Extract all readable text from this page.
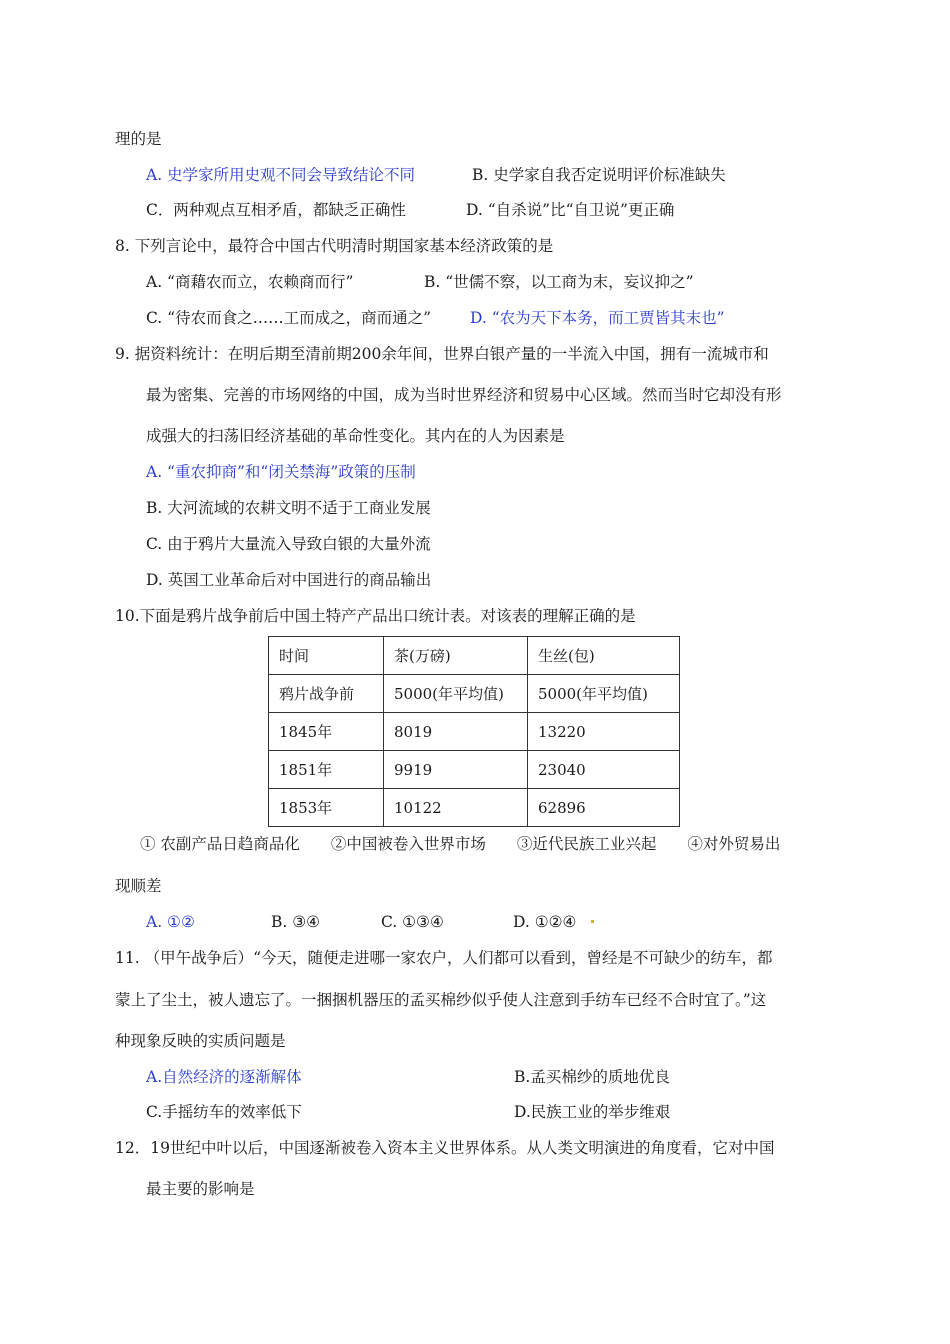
理的是
A. 史学家所用史观不同会导致结论不同	B. 史学家自我否定说明评价标准缺失
C．两种观点互相矛盾，都缺乏正确性	D. “自杀说”比“自卫说”更正确
8. 下列言论中，最符合中国古代明清时期国家基本经济政策的是
A. “商藉农而立，农赖商而行”	B. “世儒不察，以工商为末，妄议抑之”
C. “待农而食之……工而成之，商而通之”	D. “农为天下本务，而工贾皆其末也”
9. 据资料统计：在明后期至清前期200余年间，世界白银产量的一半流入中国，拥有一流城市和
最为密集、完善的市场网络的中国，成为当时世界经济和贸易中心区域。然而当时它却没有形
成强大的扫荡旧经济基础的革命性变化。其内在的人为因素是
A. “重农抑商”和“闭关禁海”政策的压制
B. 大河流域的农耕文明不适于工商业发展
C. 由于鸦片大量流入导致白银的大量外流
D. 英国工业革命后对中国进行的商品输出
10.下面是鸦片战争前后中国土特产产品出口统计表。对该表的理解正确的是
时间	茶(万磅)	生丝(包)
鸦片战争前	5000(年平均值)	5000(年平均值)
1845年	8019	13220
1851年	9919	23040
1853年	10122	62896
① 农副产品日趋商品化　　②中国被卷入世界市场　　③近代民族工业兴起　　④对外贸易出
现顺差
A. ①②	B. ③④	C. ①③④	D. ①②④
11. （甲午战争后）“今天，随便走进哪一家农户，人们都可以看到，曾经是不可缺少的纺车，都
蒙上了尘土，被人遗忘了。一捆捆机器压的孟买棉纱似乎使人注意到手纺车已经不合时宜了。”这
种现象反映的实质问题是
A.自然经济的逐渐解体	B.孟买棉纱的质地优良
C.手摇纺车的效率低下	D.民族工业的举步维艰
12．19世纪中叶以后，中国逐渐被卷入资本主义世界体系。从人类文明演进的角度看，它对中国
最主要的影响是
